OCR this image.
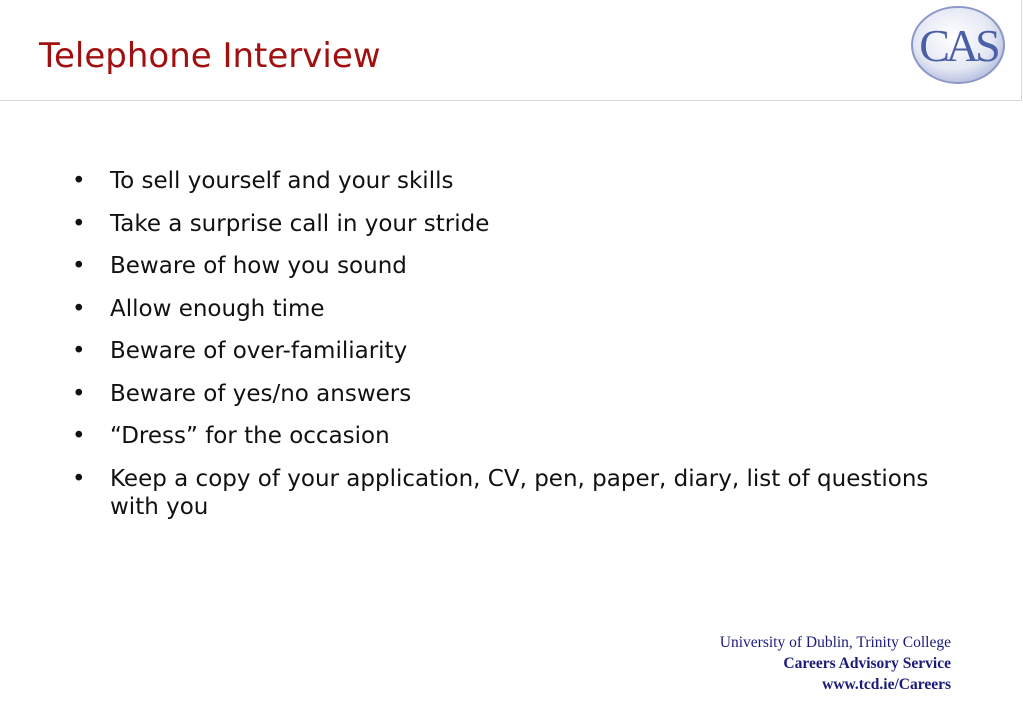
Telephone Interview	CAS
• To sell yourself and your skills
• Take a surprise call in your stride
• Beware of how you sound
• Allow enough time
• Beware of over-familiarity
• Beware of yes/no answers
• “Dress” for the occasion
• Keep a copy of your application, CV, pen, paper, diary, list of questions with you
University of Dublin, Trinity College
Careers Advisory Service
www.tcd.ie/Careers
